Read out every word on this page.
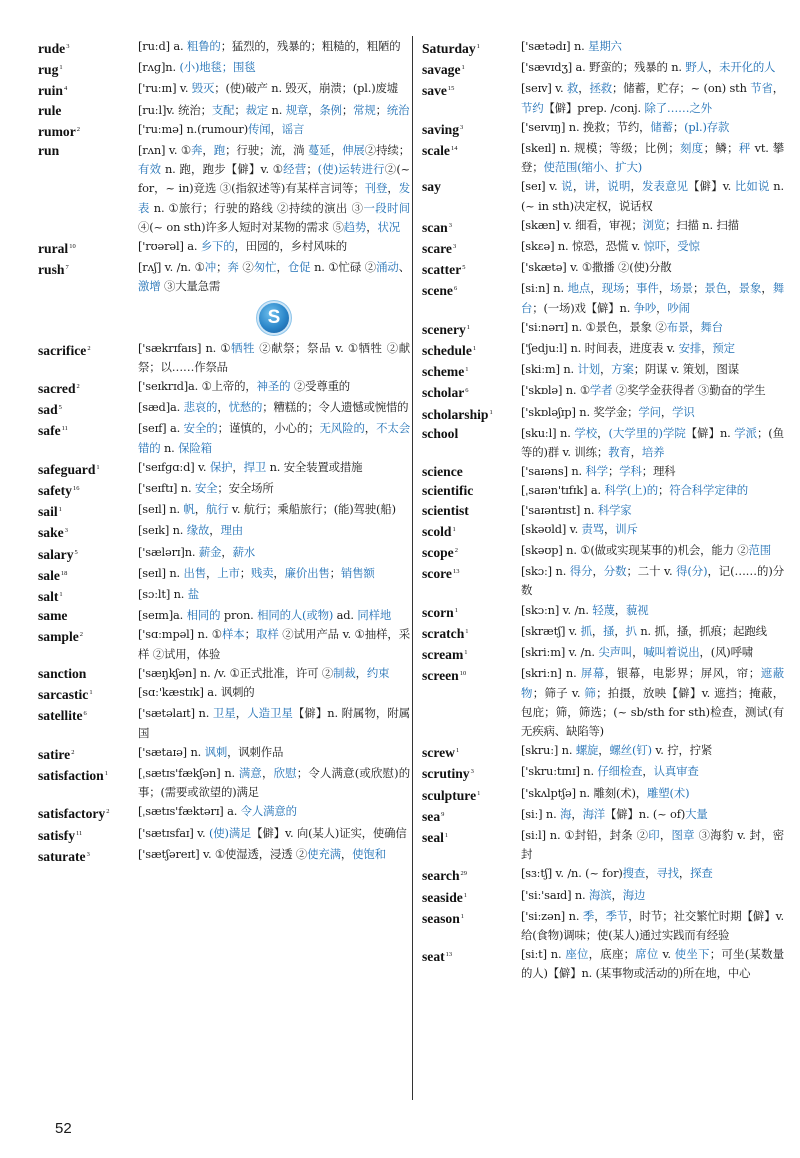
rude$^3$	[ruːd] a. 粗鲁的；猛烈的，残暴的；粗糙的，粗陋的
rug$^1$	[rʌɡ]n. (小)地毯；围毯
ruin$^4$	['ruːɪn] v. 毁灭；(使)破产 n. 毁灭，崩溃；(pl.)废墟
rule	[ruːl]v. 统治；支配；裁定 n. 规章，条例；常规；统治
rumor$^2$	['ruːmə] n.(rumour)传闻，谣言
run	[rʌn] v. ①奔，跑；行驶；流，淌 蔓延，伸展②持续；有效 n. 跑，跑步【僻】v. ①经营；(使)运转进行②(~ for，~ in)竞选 ③(指叙述等)有某样言词等；刊登，发表 n. ①旅行；行驶的路线 ②持续的演出 ③一段时间 ④(~ on sth)许多人短时对某物的需求 ⑤趋势，状况
rural$^{10}$	['rʊərəl] a. 乡下的，田园的，乡村风味的
rush$^7$	[rʌʃ] v. /n. ①冲；奔 ②匆忙，仓促 n. ①忙碌 ②涌动、激增 ③大量急需
S
sacrifice$^2$	['sækrɪfaɪs] n. ①牺牲 ②献祭；祭品 v. ①牺牲 ②献祭；以……作祭品
sacred$^2$	['seɪkrɪd]a. ①上帝的，神圣的 ②受尊重的
sad$^5$	[sæd]a. 悲哀的，忧愁的；糟糕的；令人遗憾或惋惜的
safe$^{11}$	[seɪf] a. 安全的；谨慎的，小心的；无风险的，不太会错的 n. 保险箱
safeguard$^1$	['seɪfɡɑːd] v. 保护，捍卫 n. 安全装置或措施
safety$^{16}$	['seɪftɪ] n. 安全；安全场所
sail$^1$	[seɪl] n. 帆，航行 v. 航行；乘船旅行；(能)驾驶(船)
sake$^3$	[seɪk] n. 缘故，理由
salary$^5$	['sælərɪ]n. 薪金，薪水
sale$^{18}$	[seɪl] n. 出售，上市；贱卖，廉价出售；销售额
salt$^1$	[sɔːlt] n. 盐
same	[seɪm]a. 相同的 pron. 相同的人(或物) ad. 同样地
sample$^2$	['sɑːmpəl] n. ①样本；取样 ②试用产品 v. ①抽样，采样 ②试用，体验
sanction	['sæŋkʃən] n. /v. ①正式批准，许可 ②制裁，约束
sarcastic$^1$	[sɑː'kæstɪk] a. 讽刺的
satellite$^6$	['sætəlaɪt] n. 卫星，人造卫星【僻】n. 附属物，附属国
satire$^2$	['sætaɪə] n. 讽刺，讽刺作品
satisfaction$^1$	[ˌsætɪs'fækʃən] n. 满意，欣慰；令人满意(或欣慰)的事；(需要或欲望的)满足
satisfactory$^2$	[ˌsætɪs'fæktərɪ] a. 令人满意的
satisfy$^{11}$	['sætɪsfaɪ] v. (使)满足【僻】v. 向(某人)证实，使确信
saturate$^3$	['sætʃəreɪt] v. ①使湿透，浸透 ②使充满，使饱和
Saturday$^1$	['sætədɪ] n. 星期六
savage$^1$	['sævɪdʒ] a. 野蛮的；残暴的 n. 野人，未开化的人
save$^{15}$	[seɪv] v. 救，拯救；储蓄，贮存；~ (on) sth 节省，节约【僻】prep. /conj. 除了……之外
saving$^3$	['seɪvɪŋ] n. 挽救；节约，储蓄；(pl.)存款
scale$^{14}$	[skeɪl] n. 规模；等级；比例；刻度；鳞；秤 vt. 攀登；使范围(缩小、扩大)
say	[seɪ] v. 说，讲，说明，发表意见【僻】v. 比如说 n. (~ in sth)决定权，说话权
scan$^3$	[skæn] v. 细看，审视；浏览；扫描 n. 扫描
scare$^3$	[skɛə] n. 惊恐，恐慌 v. 惊吓，受惊
scatter$^5$	['skætə] v. ①撒播 ②(使)分散
scene$^6$	[siːn] n. 地点，现场；事件，场景；景色，景象，舞台；(一场)戏【僻】n. 争吵，吵闹
scenery$^1$	['siːnərɪ] n. ①景色，景象 ②布景，舞台
schedule$^1$	['ʃedjuːl] n. 时间表，进度表 v. 安排，预定
scheme$^1$	[skiːm] n. 计划，方案；阴谋 v. 策划，图谋
scholar$^6$	['skɒlə] n. ①学者 ②奖学金获得者 ③勤奋的学生
scholarship$^1$	['skɒləʃɪp] n. 奖学金；学问，学识
school	[skuːl] n. 学校，(大学里的)学院【僻】n. 学派；(鱼等的)群 v. 训练；教育，培养
science	['saɪəns] n. 科学；学科；理科
scientific	[ˌsaɪən'tɪfɪk] a. 科学(上)的；符合科学定律的
scientist	['saɪəntɪst] n. 科学家
scold$^1$	[skəʊld] v. 责骂，训斥
scope$^2$	[skəʊp] n. ①(做或实现某事的)机会，能力 ②范围
score$^{13}$	[skɔː] n. 得分，分数；二十 v. 得(分)，记(……的)分数
scorn$^1$	[skɔːn] v. /n. 轻蔑，藐视
scratch$^1$	[skrætʃ] v. 抓，搔，扒 n. 抓，搔，抓痕；起跑线
scream$^1$	[skriːm] v. /n. 尖声叫，喊叫着说出，(风)呼啸
screen$^{10}$	[skriːn] n. 屏幕，银幕，电影界；屏风，帘；遮蔽物；筛子 v. 筛；拍摄，放映【僻】v. 遮挡；掩蔽，包庇；筛，筛选；(~ sb/sth for sth)检查，测试(有无疾病、缺陷等)
screw$^1$	[skruː] n. 螺旋，螺丝(钉) v. 拧，拧紧
scrutiny$^3$	['skruːtɪnɪ] n. 仔细检查，认真审查
sculpture$^1$	['skʌlptʃə] n. 雕刻(术)，雕塑(术)
sea$^9$	[siː] n. 海，海洋【僻】n. (~ of)大量
seal$^1$	[siːl] n. ①封铅，封条 ②印，图章 ③海豹 v. 封，密封
search$^{29}$	[sɜːtʃ] v. /n. (~ for)搜查，寻找，探查
seaside$^1$	['siː'saɪd] n. 海滨，海边
season$^1$	['siːzən] n. 季，季节，时节；社交繁忙时期【僻】v. 给(食物)调味；使(某人)通过实践而有经验
seat$^{13}$	[siːt] n. 座位，底座；席位 v. 使坐下；可坐(某数量的人)【僻】n. (某事物或活动的)所在地，中心
52
